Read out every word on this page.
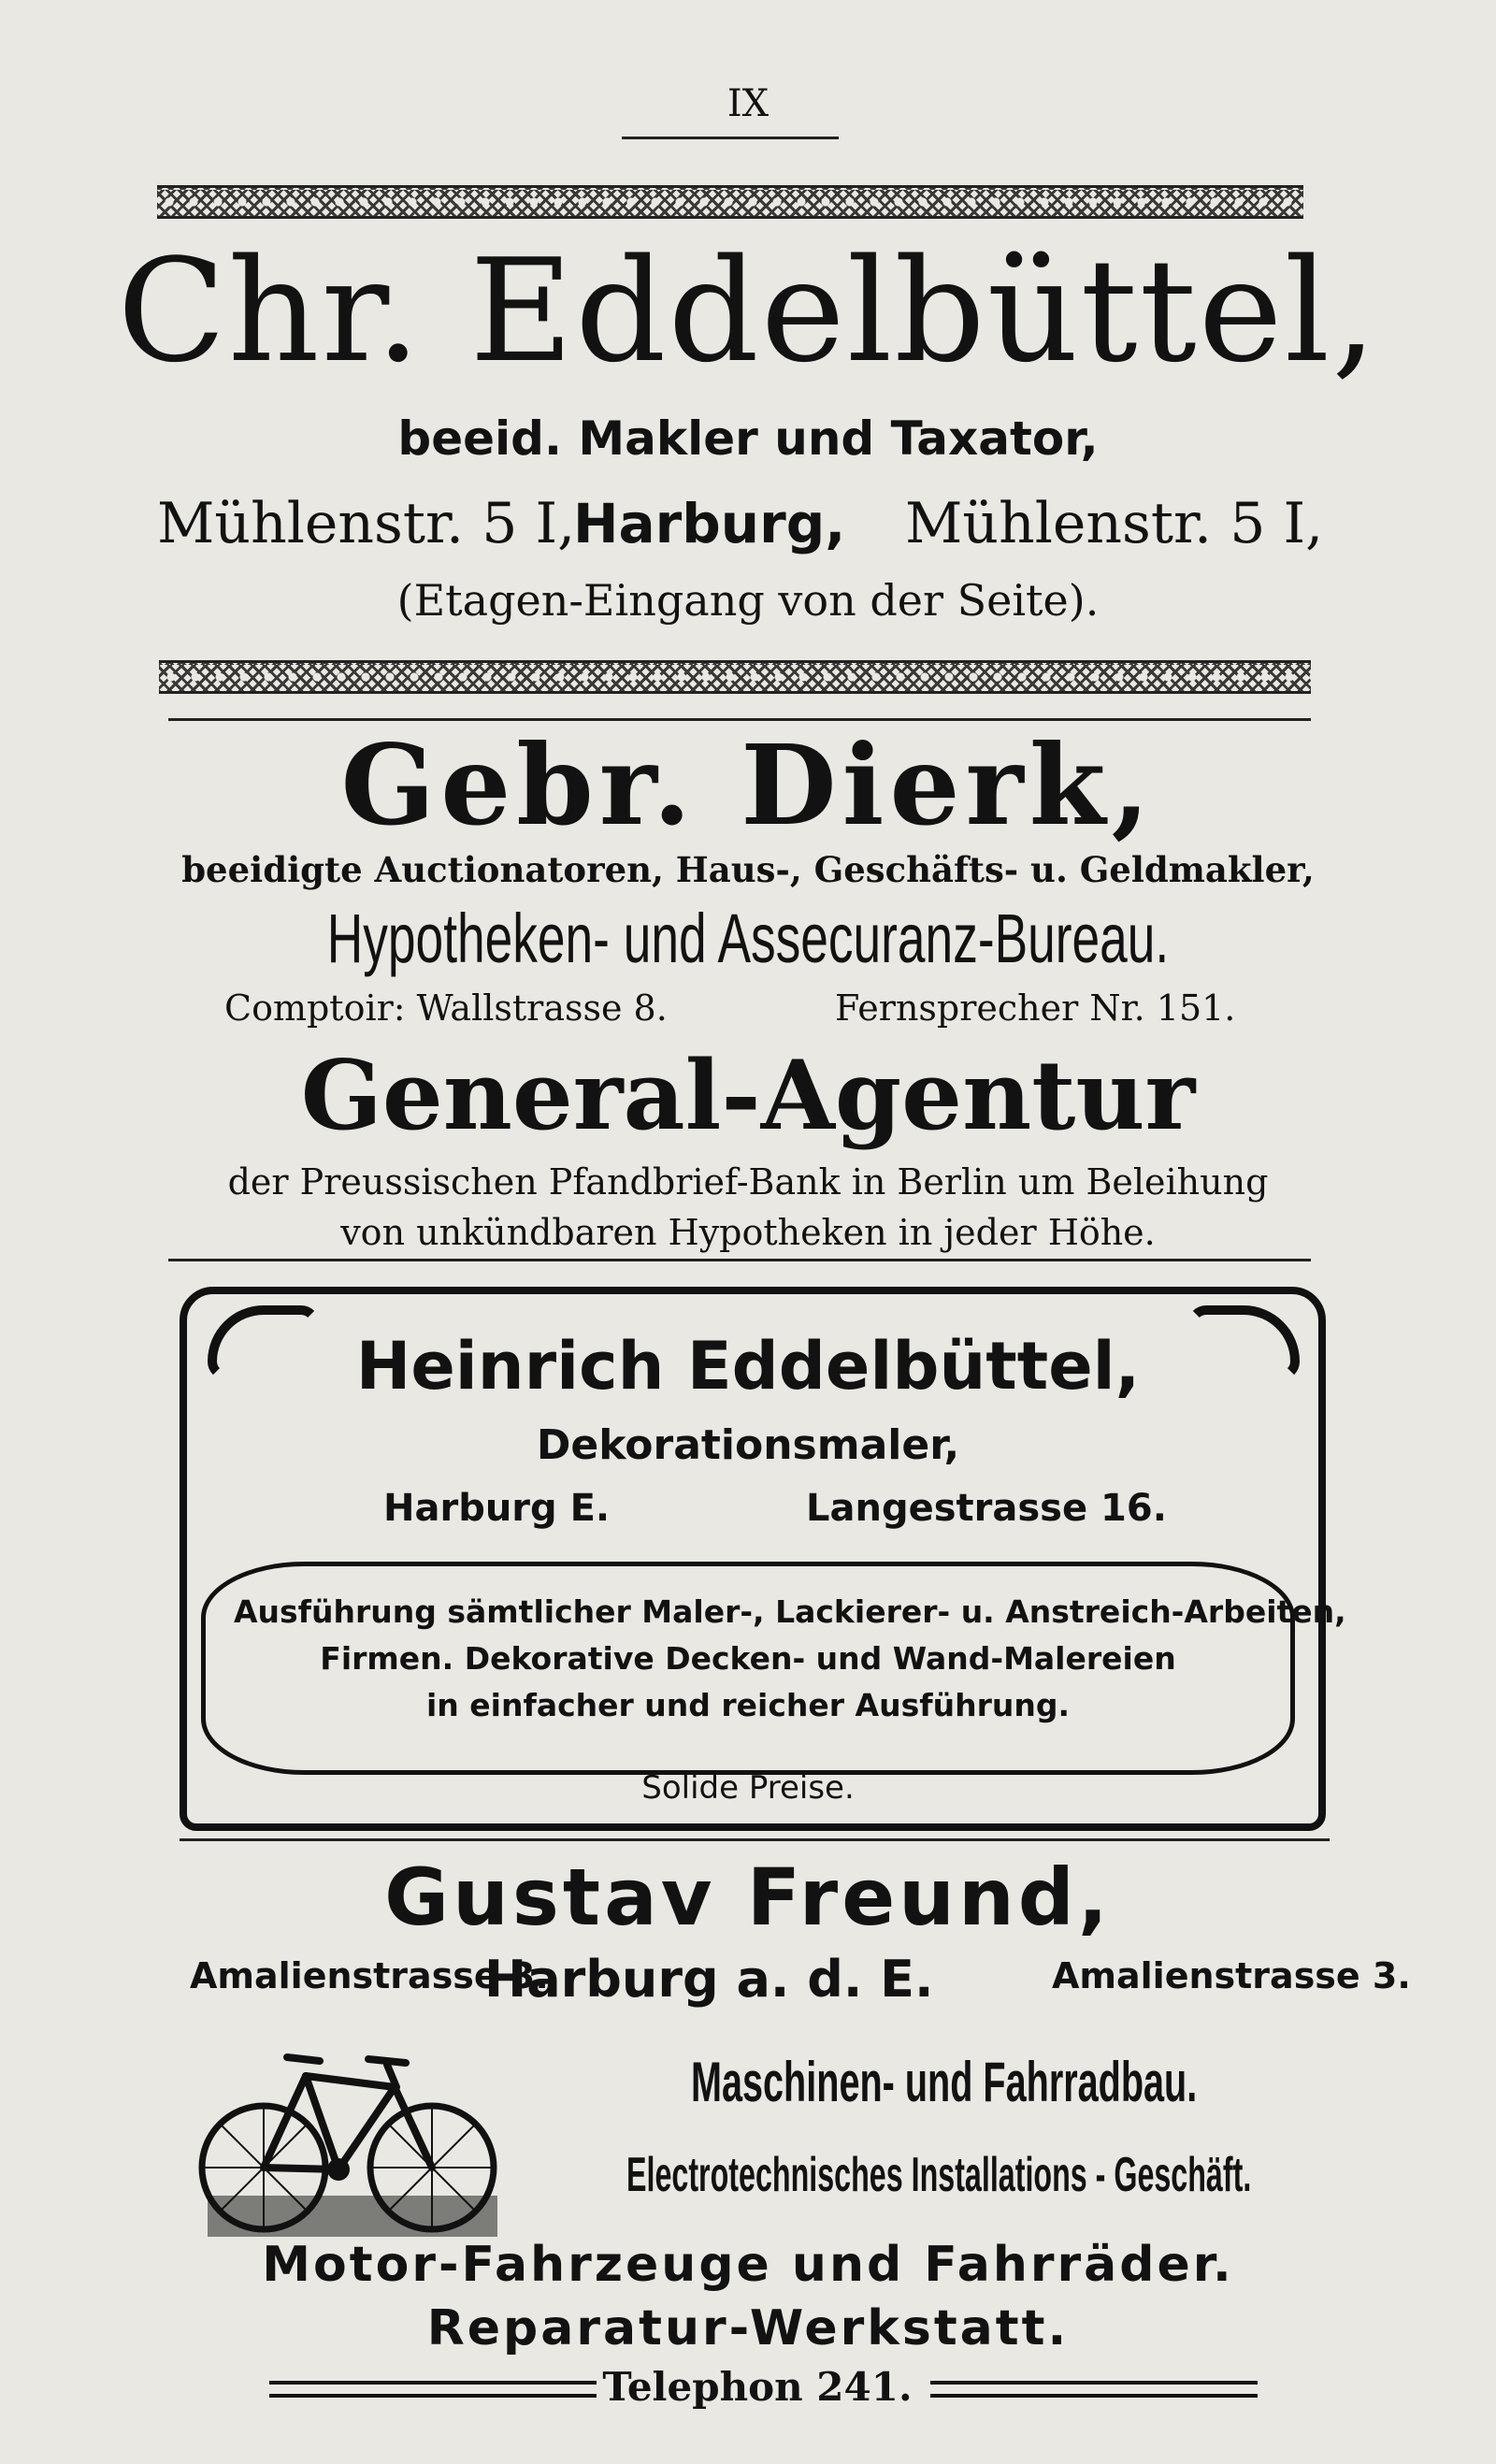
IX
Chr. Eddelbüttel,
beeid. Makler und Taxator,
Mühlenstr. 5 I,
Harburg, Mühlenstr. 5 I,
(Etagen-Eingang von der Seite).
Gebr. Dierk,
beeidigte Auctionatoren, Haus-, Geschäfts- u. Geldmakler,
Hypotheken- und Assecuranz-Bureau.
Comptoir: Wallstrasse 8.	Fernsprecher Nr. 151.
General-Agentur
der Preussischen Pfandbrief-Bank in Berlin um Beleihung
von unkündbaren Hypotheken in jeder Höhe.
Heinrich Eddelbüttel,
Dekorationsmaler,
Harburg E.	Langestrasse 16.
Ausführung sämtlicher Maler-, Lackierer- u. Anstreich-Arbeiten,
Firmen. Dekorative Decken- und Wand-Malereien
in einfacher und reicher Ausführung.
Solide Preise.
Gustav Freund,
Amalienstrasse 3.
Harburg a. d. E.	Amalienstrasse 3.
Maschinen- und Fahrradbau.
Electrotechnisches Installations - Geschäft.
Motor-Fahrzeuge und Fahrräder.
Reparatur-Werkstatt.
Telephon 241.
